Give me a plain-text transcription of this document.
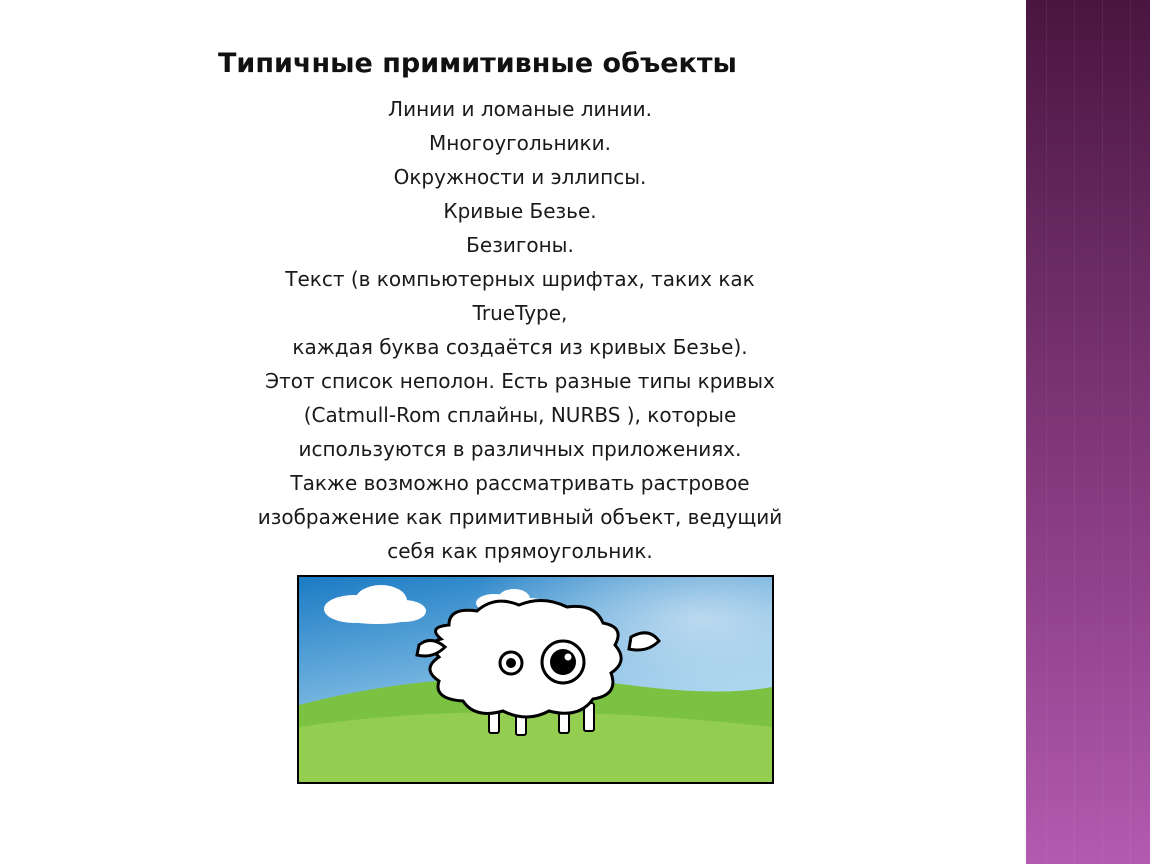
Типичные примитивные объекты
Линии и ломаные линии.
Многоугольники.
Окружности и эллипсы.
Кривые Безье.
Безигоны.
Текст (в компьютерных шрифтах, таких как
TrueType,
каждая буква создаётся из кривых Безье).
Этот список неполон. Есть разные типы кривых
(Catmull-Rom сплайны, NURBS ), которые
используются в различных приложениях.
Также возможно рассматривать растровое
изображение как примитивный объект, ведущий
себя как прямоугольник.
